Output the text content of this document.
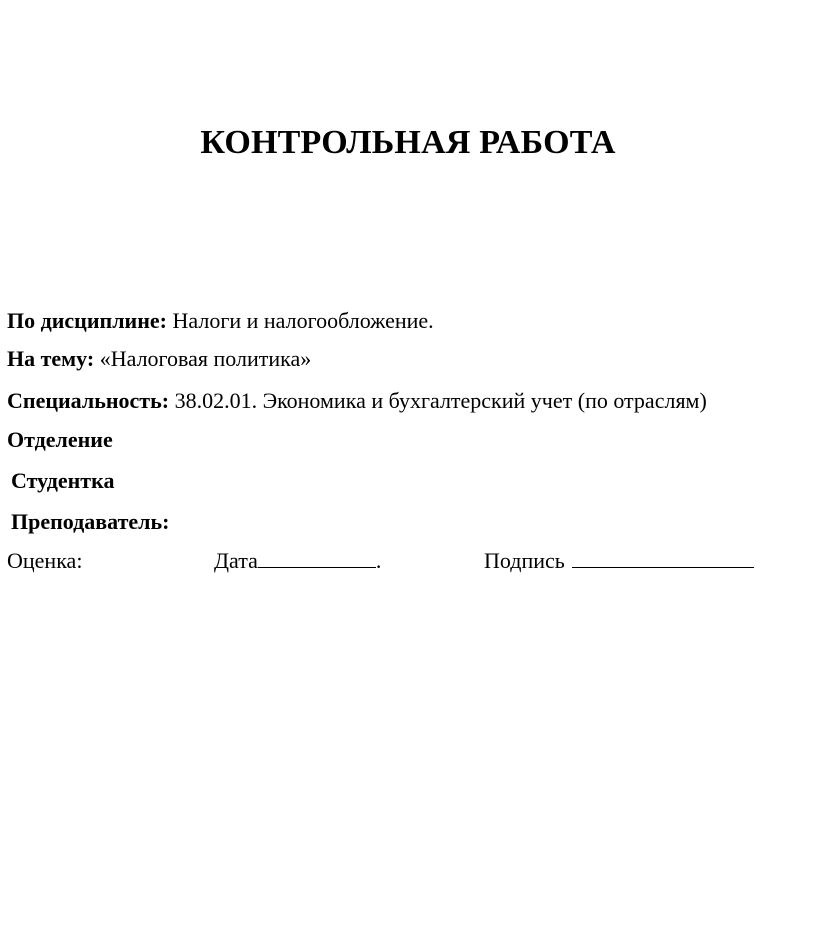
КОНТРОЛЬНАЯ РАБОТА
По дисциплине: Налоги и налогообложение.
На тему: «Налоговая политика»
Специальность: 38.02.01. Экономика и бухгалтерский учет (по отраслям)
Отделение
Студентка
Преподаватель:
Оценка:	Дата	.	Подпись
